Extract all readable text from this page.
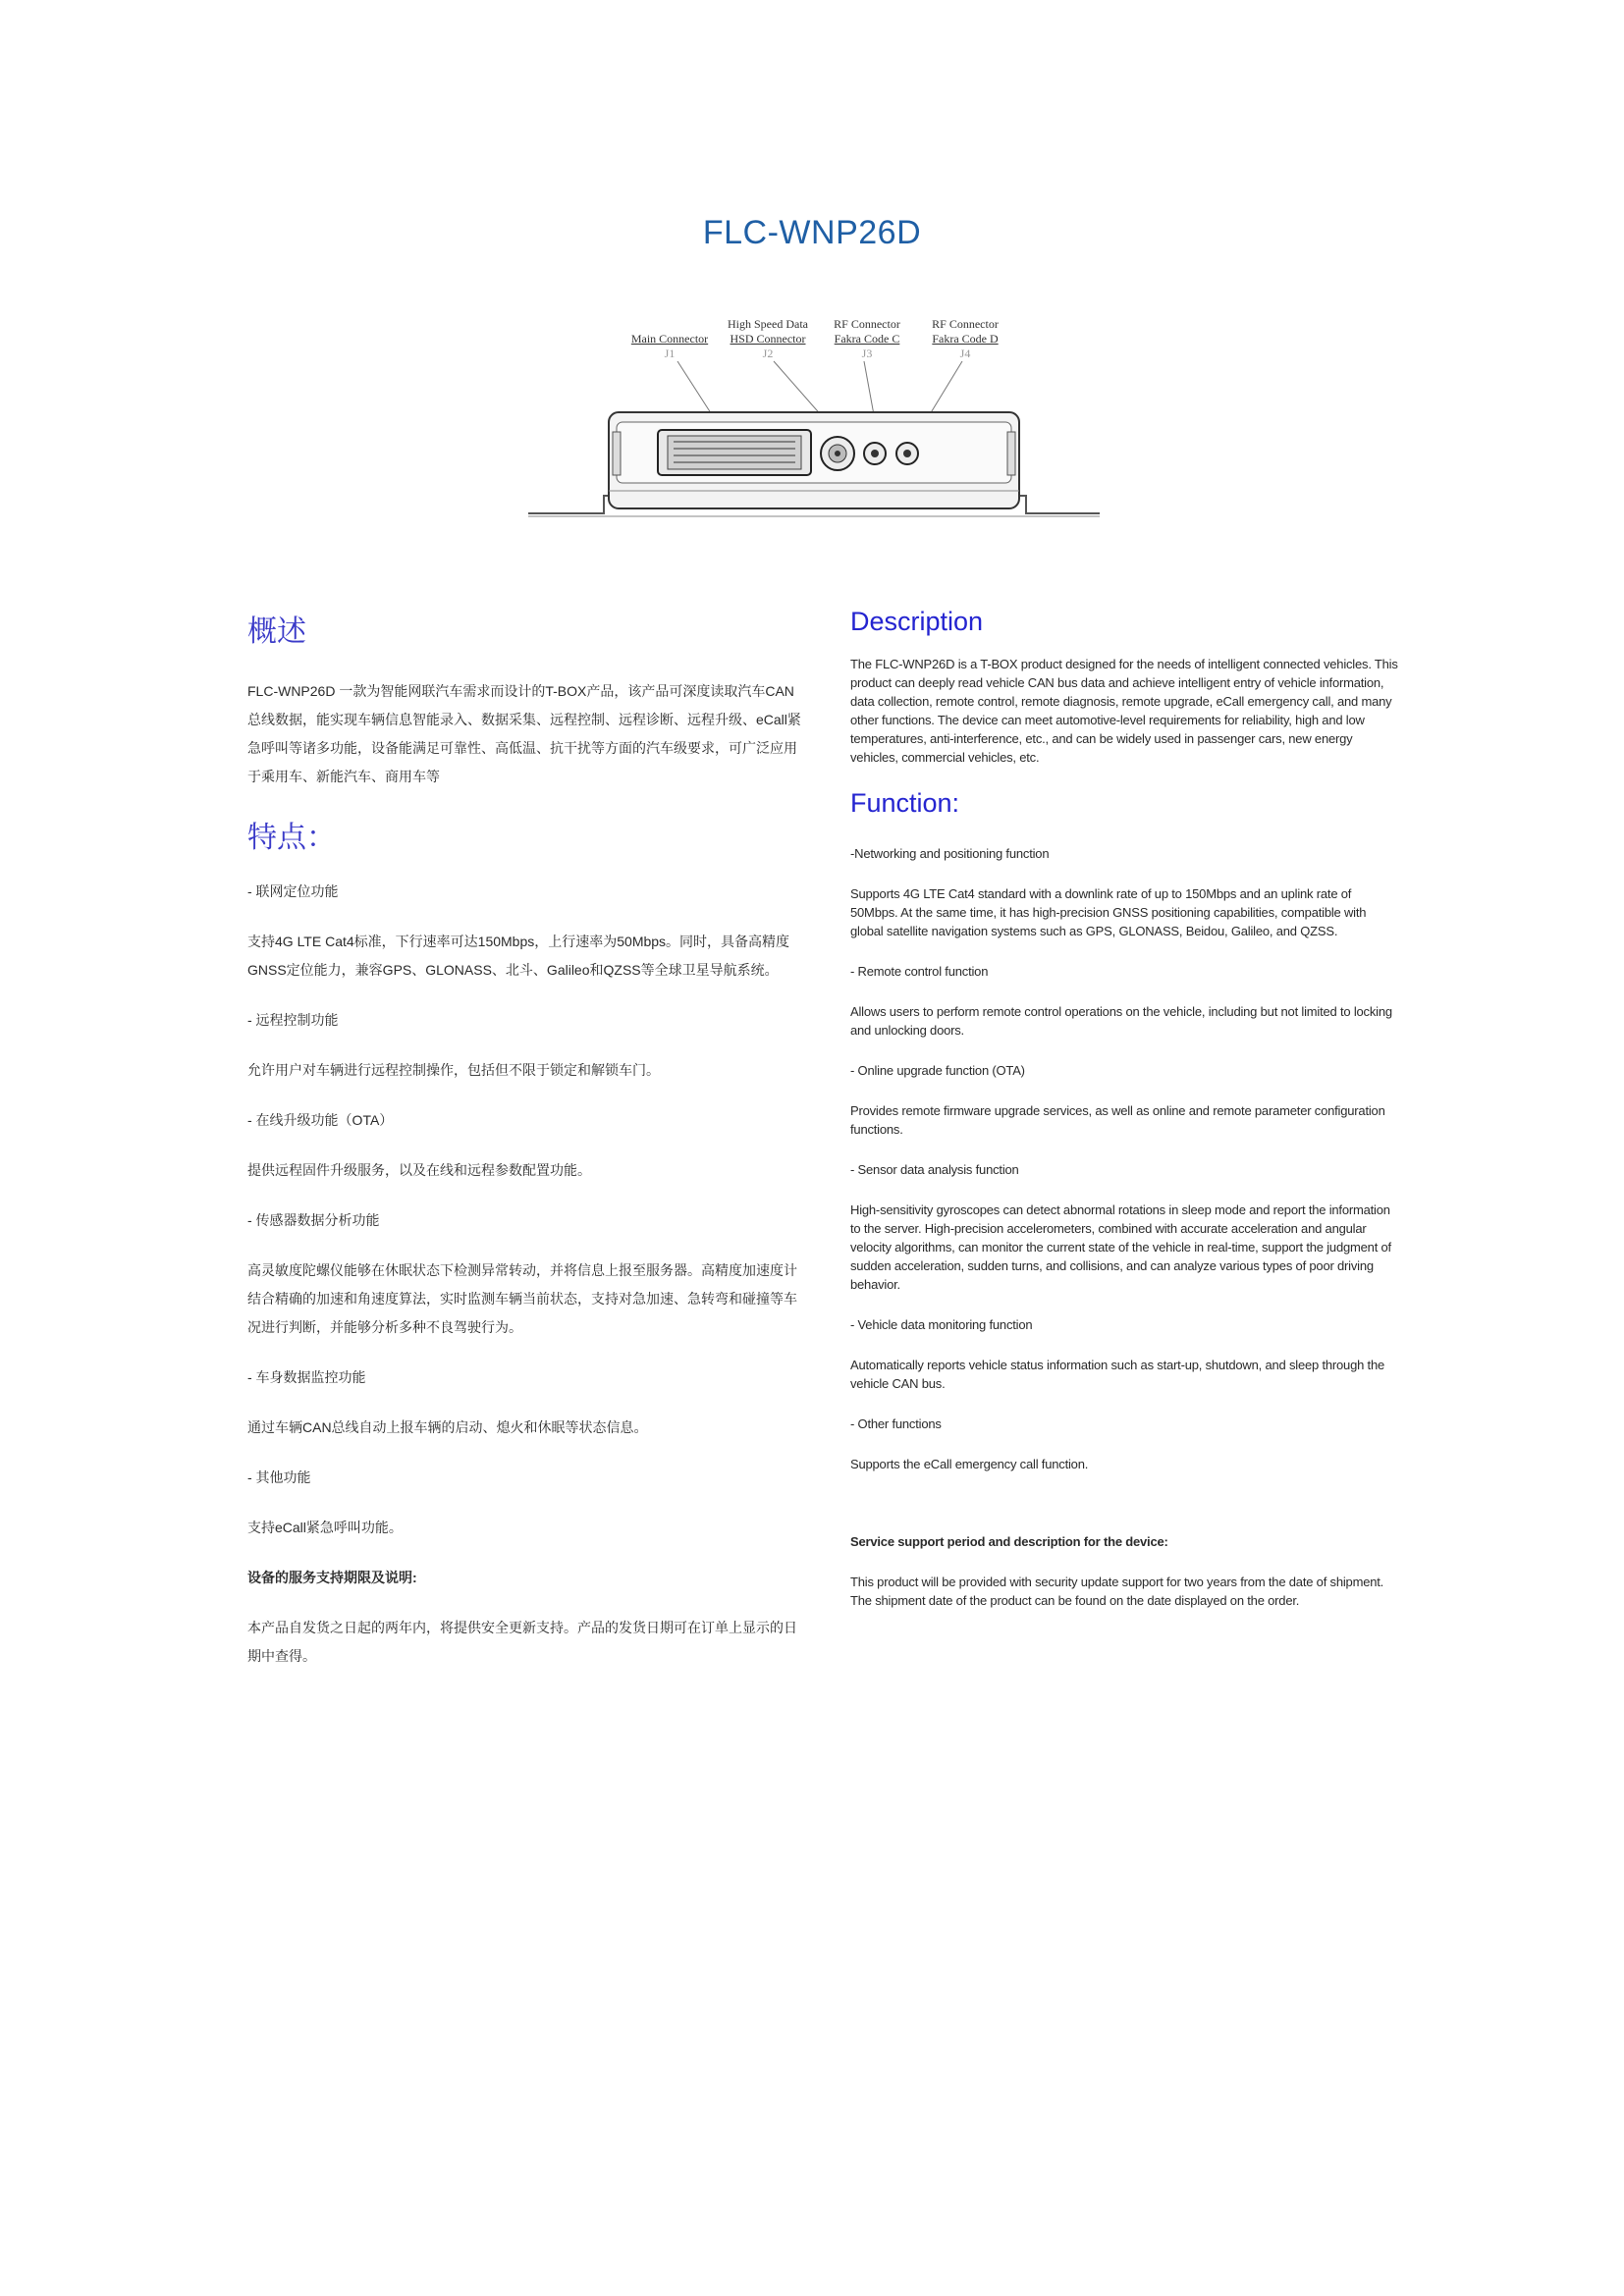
FLC-WNP26D
Main Connector
J1
High Speed Data
HSD Connector
J2
RF Connector
Fakra Code C
J3
RF Connector
Fakra Code D
J4
概述

FLC-WNP26D 一款为智能网联汽车需求而设计的T-BOX产品，该产品可深度读取汽车CAN总线数据，能实现车辆信息智能录入、数据采集、远程控制、远程诊断、远程升级、eCall紧急呼叫等诸多功能，设备能满足可靠性、高低温、抗干扰等方面的汽车级要求，可广泛应用于乘用车、新能汽车、商用车等

特点：

- 联网定位功能

支持4G LTE Cat4标准，下行速率可达150Mbps，上行速率为50Mbps。同时，具备高精度GNSS定位能力，兼容GPS、GLONASS、北斗、Galileo和QZSS等全球卫星导航系统。

- 远程控制功能

允许用户对车辆进行远程控制操作，包括但不限于锁定和解锁车门。

- 在线升级功能（OTA）

提供远程固件升级服务，以及在线和远程参数配置功能。

- 传感器数据分析功能

高灵敏度陀螺仪能够在休眠状态下检测异常转动，并将信息上报至服务器。高精度加速度计结合精确的加速和角速度算法，实时监测车辆当前状态，支持对急加速、急转弯和碰撞等车况进行判断，并能够分析多种不良驾驶行为。

- 车身数据监控功能

通过车辆CAN总线自动上报车辆的启动、熄火和休眠等状态信息。

- 其他功能

支持eCall紧急呼叫功能。

设备的服务支持期限及说明:

本产品自发货之日起的两年内，将提供安全更新支持。产品的发货日期可在订单上显示的日期中查得。

Description

The FLC-WNP26D is a T-BOX product designed for the needs of intelligent connected vehicles. This product can deeply read vehicle CAN bus data and achieve intelligent entry of vehicle information, data collection, remote control, remote diagnosis, remote upgrade, eCall emergency call, and many other functions. The device can meet automotive-level requirements for reliability, high and low temperatures, anti-interference, etc., and can be widely used in passenger cars, new energy vehicles, commercial vehicles, etc.

Function:

-Networking and positioning function

Supports 4G LTE Cat4 standard with a downlink rate of up to 150Mbps and an uplink rate of 50Mbps. At the same time, it has high-precision GNSS positioning capabilities, compatible with global satellite navigation systems such as GPS, GLONASS, Beidou, Galileo, and QZSS.

- Remote control function

Allows users to perform remote control operations on the vehicle, including but not limited to locking and unlocking doors.

- Online upgrade function (OTA)

Provides remote firmware upgrade services, as well as online and remote parameter configuration functions.

- Sensor data analysis function

High-sensitivity gyroscopes can detect abnormal rotations in sleep mode and report the information to the server. High-precision accelerometers, combined with accurate acceleration and angular velocity algorithms, can monitor the current state of the vehicle in real-time, support the judgment of sudden acceleration, sudden turns, and collisions, and can analyze various types of poor driving behavior.

- Vehicle data monitoring function

Automatically reports vehicle status information such as start-up, shutdown, and sleep through the vehicle CAN bus.

- Other functions

Supports the eCall emergency call function.

Service support period and description for the device:

This product will be provided with security update support for two years from the date of shipment. The shipment date of the product can be found on the date displayed on the order.
